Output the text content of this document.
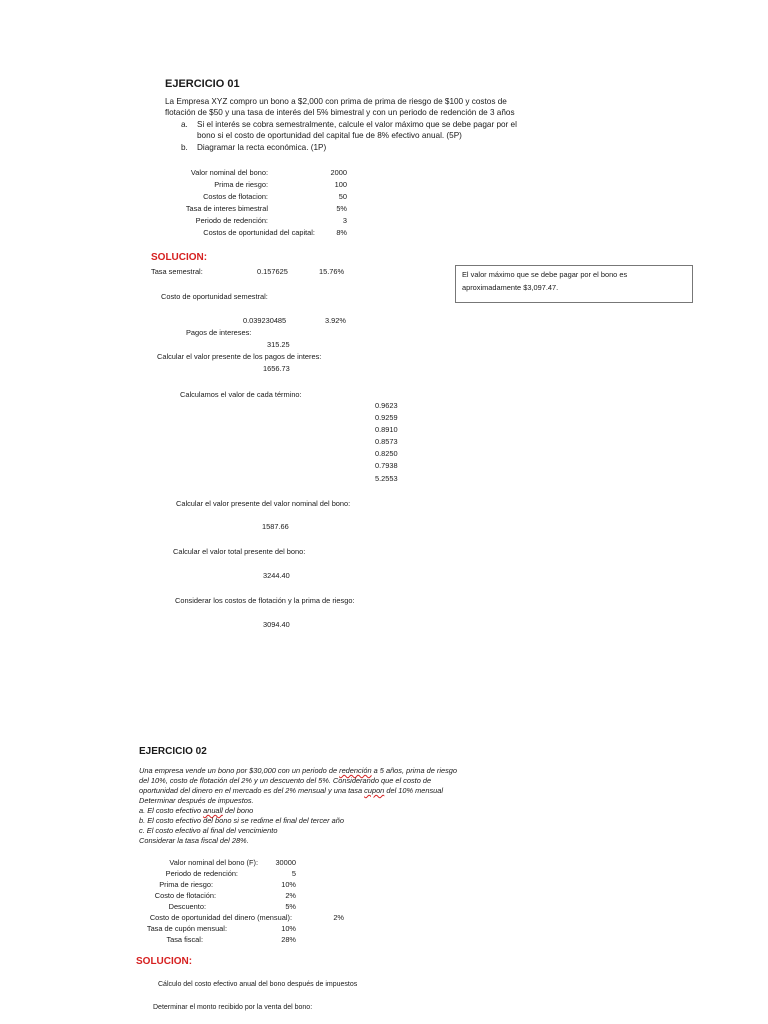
EJERCICIO 01
La Empresa XYZ compro un bono a $2,000 con prima de prima de riesgo de $100 y costos de
flotación de $50 y una tasa de interés del 5% bimestral y con un periodo de redención de 3 años
a. Si el interés se cobra semestralmente, calcule el valor máximo que se debe pagar por el
bono si el costo de oportunidad del capital fue de 8% efectivo anual. (5P)
b. Diagramar la recta económica. (1P)
Valor nominal del bono:	2000
Prima de riesgo:	100
Costos de flotacion:	50
Tasa de interes bimestral	5%
Periodo de redención:	3
Costos de oportunidad del capital:	8%
SOLUCION:
Tasa semestral:	0.157625	15.76%
Costo de oportunidad semestral:
0.039230485	3.92%
Pagos de intereses:
315.25
Calcular el valor presente de los pagos de interes:
1656.73
Calculamos el valor de cada término:
0.9623
0.9259
0.8910
0.8573
0.8250
0.7938
5.2553
Calcular el valor presente del valor nominal del bono:
1587.66
Calcular el valor total presente del bono:
3244.40
Considerar los costos de flotación y la prima de riesgo:
3094.40
El valor máximo que se debe pagar por el bono es
aproximadamente $3,097.47.
EJERCICIO 02
Una empresa vende un bono por $30,000 con un periodo de redención a 5 años, prima de riesgo
del 10%, costo de flotación del 2% y un descuento del 5%. Considerando que el costo de
oportunidad del dinero en el mercado es del 2% mensual y una tasa cupon del 10% mensual
Determinar después de impuestos.
a. El costo efectivo anuall del bono
b. El costo efectivo del bono si se redime el final del tercer año
c. El costo efectivo al final del vencimiento
Considerar la tasa fiscal del 28%.
Valor nominal del bono (F): 30000
Periodo de redención:	5
Prima de riesgo:	10%
Costo de flotación:	2%
Descuento:	5%
Costo de oportunidad del dinero (mensual):	2%
Tasa de cupón mensual:	10%
Tasa fiscal:	28%
SOLUCION:
Cálculo del costo efectivo anual del bono después de impuestos
Determinar el monto recibido por la venta del bono:
